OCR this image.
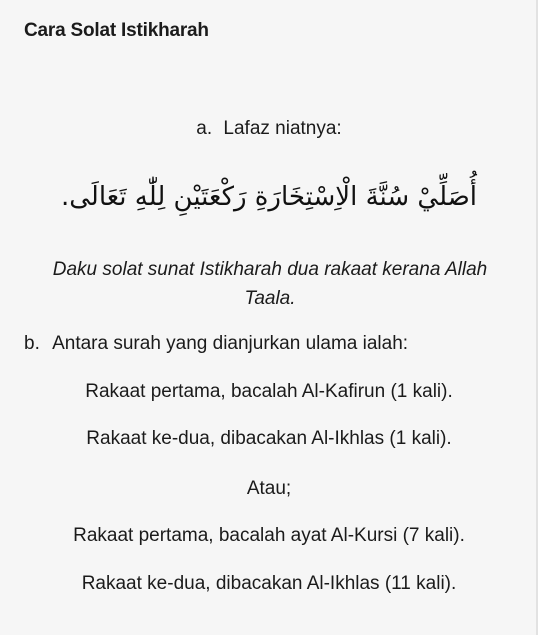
Cara Solat Istikharah
a. Lafaz niatnya:
أُصَلِّيْ سُنَّةَ الْاِسْتِخَارَةِ رَكْعَتَيْنِ لِلّٰهِ تَعَالَى.
Daku solat sunat Istikharah dua rakaat kerana Allah Taala.
b. Antara surah yang dianjurkan ulama ialah:
Rakaat pertama, bacalah Al-Kafirun (1 kali).
Rakaat ke-dua, dibacakan Al-Ikhlas (1 kali).
Atau;
Rakaat pertama, bacalah ayat Al-Kursi (7 kali).
Rakaat ke-dua, dibacakan Al-Ikhlas (11 kali).
